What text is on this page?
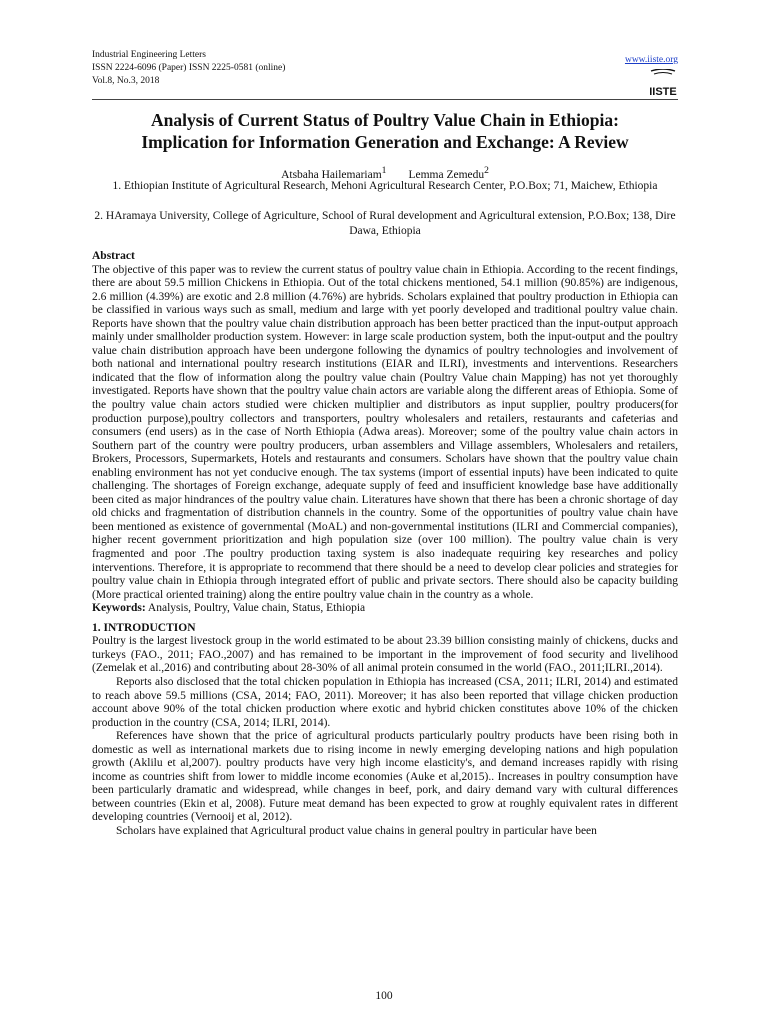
Industrial Engineering Letters
ISSN 2224-6096 (Paper) ISSN 2225-0581 (online)
Vol.8, No.3, 2018
www.iiste.org
IISTE
Analysis of Current Status of Poultry Value Chain in Ethiopia:
Implication for Information Generation and Exchange: A Review
Atsbaha Hailemariam$^1$ Lemma Zemedu$^2$

1. Ethiopian Institute of Agricultural Research, Mehoni Agricultural Research Center, P.O.Box; 71, Maichew, Ethiopia

2. HAramaya University, College of Agriculture, School of Rural development and Agricultural extension, P.O.Box; 138, Dire Dawa, Ethiopia

Abstract

The objective of this paper was to review the current status of poultry value chain in Ethiopia. According to the recent findings, there are about 59.5 million Chickens in Ethiopia. Out of the total chickens mentioned, 54.1 million (90.85%) are indigenous, 2.6 million (4.39%) are exotic and 2.8 million (4.76%) are hybrids. Scholars explained that poultry production in Ethiopia can be classified in various ways such as small, medium and large with yet poorly developed and traditional poultry value chain. Reports have shown that the poultry value chain distribution approach has been better practiced than the input-output approach mainly under smallholder production system. However: in large scale production system, both the input-output and the poultry value chain distribution approach have been undergone following the dynamics of poultry technologies and involvement of both national and international poultry research institutions (EIAR and ILRI), investments and interventions. Researchers indicated that the flow of information along the poultry value chain (Poultry Value chain Mapping) has not yet thoroughly investigated. Reports have shown that the poultry value chain actors are variable along the different areas of Ethiopia. Some of the poultry value chain actors studied were chicken multiplier and distributors as input supplier, poultry producers(for production purpose),poultry collectors and transporters, poultry wholesalers and retailers, restaurants and cafeterias and consumers (end users) as in the case of North Ethiopia (Adwa areas). Moreover; some of the poultry value chain actors in Southern part of the country were poultry producers, urban assemblers and Village assemblers, Wholesalers and retailers, Brokers, Processors, Supermarkets, Hotels and restaurants and consumers. Scholars have shown that the poultry value chain enabling environment has not yet conducive enough. The tax systems (import of essential inputs) have been indicated to quite challenging. The shortages of Foreign exchange, adequate supply of feed and insufficient knowledge base have additionally been cited as major hindrances of the poultry value chain. Literatures have shown that there has been a chronic shortage of day old chicks and fragmentation of distribution channels in the country. Some of the opportunities of poultry value chain have been mentioned as existence of governmental (MoAL) and non-governmental institutions (ILRI and Commercial companies), higher recent government prioritization and high population size (over 100 million). The poultry value chain is very fragmented and poor .The poultry production taxing system is also inadequate requiring key researches and policy interventions. Therefore, it is appropriate to recommend that there should be a need to develop clear policies and strategies for poultry value chain in Ethiopia through integrated effort of public and private sectors. There should also be capacity building (More practical oriented training) along the entire poultry value chain in the country as a whole.

Keywords: Analysis, Poultry, Value chain, Status, Ethiopia

1. INTRODUCTION

Poultry is the largest livestock group in the world estimated to be about 23.39 billion consisting mainly of chickens, ducks and turkeys (FAO., 2011; FAO.,2007) and has remained to be important in the improvement of food security and livelihood (Zemelak et al.,2016) and contributing about 28-30% of all animal protein consumed in the world (FAO., 2011;ILRI.,2014).

Reports also disclosed that the total chicken population in Ethiopia has increased (CSA, 2011; ILRI, 2014) and estimated to reach above 59.5 millions (CSA, 2014; FAO, 2011). Moreover; it has also been reported that village chicken production account above 90% of the total chicken production where exotic and hybrid chicken constitutes above 10% of the chicken production in the country (CSA, 2014; ILRI, 2014).

References have shown that the price of agricultural products particularly poultry products have been rising both in domestic as well as international markets due to rising income in newly emerging developing nations and high population growth (Aklilu et al,2007). poultry products have very high income elasticity's, and demand increases rapidly with rising income as countries shift from lower to middle income economies (Auke et al,2015).. Increases in poultry consumption have been particularly dramatic and widespread, while changes in beef, pork, and dairy demand vary with cultural differences between countries (Ekin et al, 2008). Future meat demand has been expected to grow at roughly equivalent rates in different developing countries (Vernooij et al, 2012).

Scholars have explained that Agricultural product value chains in general poultry in particular have been

100
